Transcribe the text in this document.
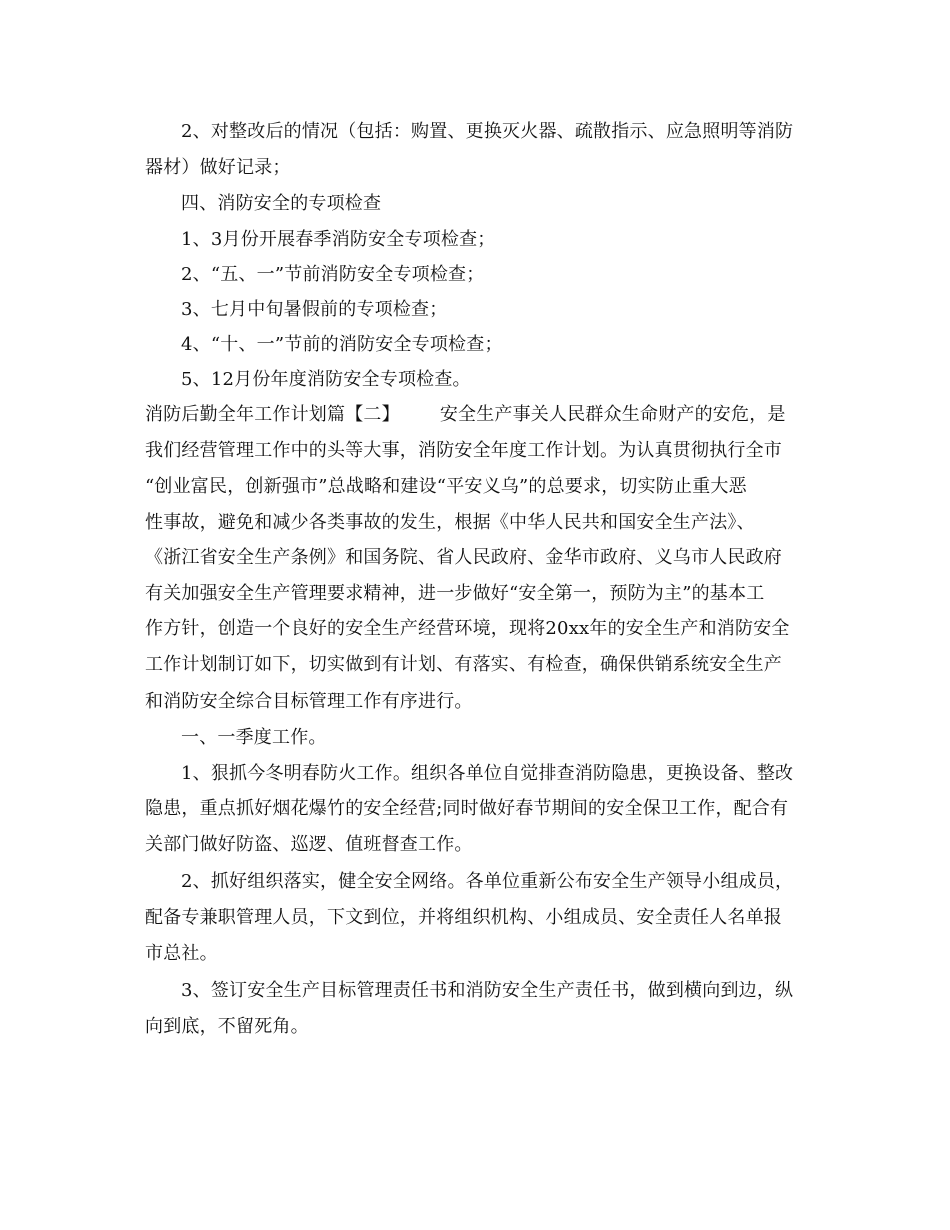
2、对整改后的情况（包括：购置、更换灭火器、疏散指示、应急照明等消防
器材）做好记录；
四、消防安全的专项检查
1、3月份开展春季消防安全专项检查；
2、“五、一”节前消防安全专项检查；
3、七月中旬暑假前的专项检查；
4、“十、一”节前的消防安全专项检查；
5、12月份年度消防安全专项检查。
消防后勤全年工作计划篇【二】 安全生产事关人民群众生命财产的安危，是
我们经营管理工作中的头等大事，消防安全年度工作计划。为认真贯彻执行全市
“创业富民，创新强市”总战略和建设“平安义乌”的总要求，切实防止重大恶
性事故，避免和减少各类事故的发生，根据《中华人民共和国安全生产法》、
《浙江省安全生产条例》和国务院、省人民政府、金华市政府、义乌市人民政府
有关加强安全生产管理要求精神，进一步做好“安全第一，预防为主”的基本工
作方针，创造一个良好的安全生产经营环境，现将20xx年的安全生产和消防安全
工作计划制订如下，切实做到有计划、有落实、有检查，确保供销系统安全生产
和消防安全综合目标管理工作有序进行。
一、一季度工作。
1、狠抓今冬明春防火工作。组织各单位自觉排查消防隐患，更换设备、整改
隐患，重点抓好烟花爆竹的安全经营;同时做好春节期间的安全保卫工作，配合有
关部门做好防盗、巡逻、值班督查工作。
2、抓好组织落实，健全安全网络。各单位重新公布安全生产领导小组成员，
配备专兼职管理人员，下文到位，并将组织机构、小组成员、安全责任人名单报
市总社。
3、签订安全生产目标管理责任书和消防安全生产责任书，做到横向到边，纵
向到底，不留死角。
